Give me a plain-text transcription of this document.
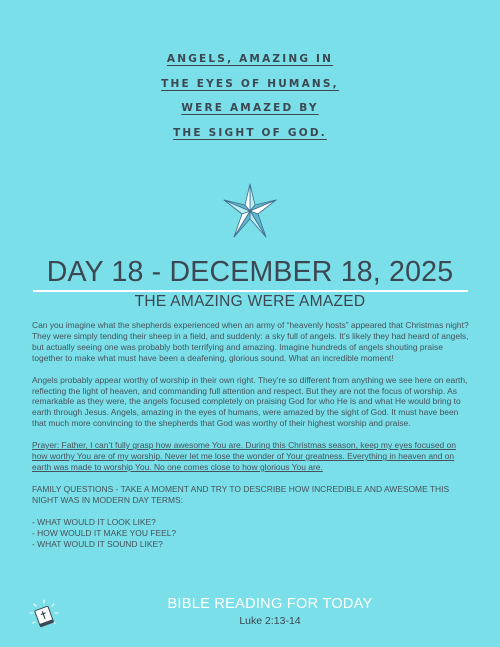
ANGELS, AMAZING IN
THE EYES OF HUMANS,
WERE AMAZED BY
THE SIGHT OF GOD.
DAY 18 - DECEMBER 18, 2025
THE AMAZING WERE AMAZED

Can you imagine what the shepherds experienced when an army of “heavenly hosts” appeared that Christmas night? They were simply tending their sheep in a field, and suddenly: a sky full of angels. It’s likely they had heard of angels, but actually seeing one was probably both terrifying and amazing. Imagine hundreds of angels shouting praise together to make what must have been a deafening, glorious sound. What an incredible moment!

Angels probably appear worthy of worship in their own right. They’re so different from anything we see here on earth, reflecting the light of heaven, and commanding full attention and respect. But they are not the focus of worship. As remarkable as they were, the angels focused completely on praising God for who He is and what He would bring to earth through Jesus. Angels, amazing in the eyes of humans, were amazed by the sight of God. It must have been that much more convincing to the shepherds that God was worthy of their highest worship and praise.

Prayer: Father, I can’t fully grasp how awesome You are. During this Christmas season, keep my eyes focused on how worthy You are of my worship. Never let me lose the wonder of Your greatness. Everything in heaven and on earth was made to worship You. No one comes close to how glorious You are.

FAMILY QUESTIONS - TAKE A MOMENT AND TRY TO DESCRIBE HOW INCREDIBLE AND AWESOME THIS NIGHT WAS IN MODERN DAY TERMS:

- WHAT WOULD IT LOOK LIKE?
- HOW WOULD IT MAKE YOU FEEL?
- WHAT WOULD IT SOUND LIKE?
BIBLE READING FOR TODAY
Luke 2:13-14
